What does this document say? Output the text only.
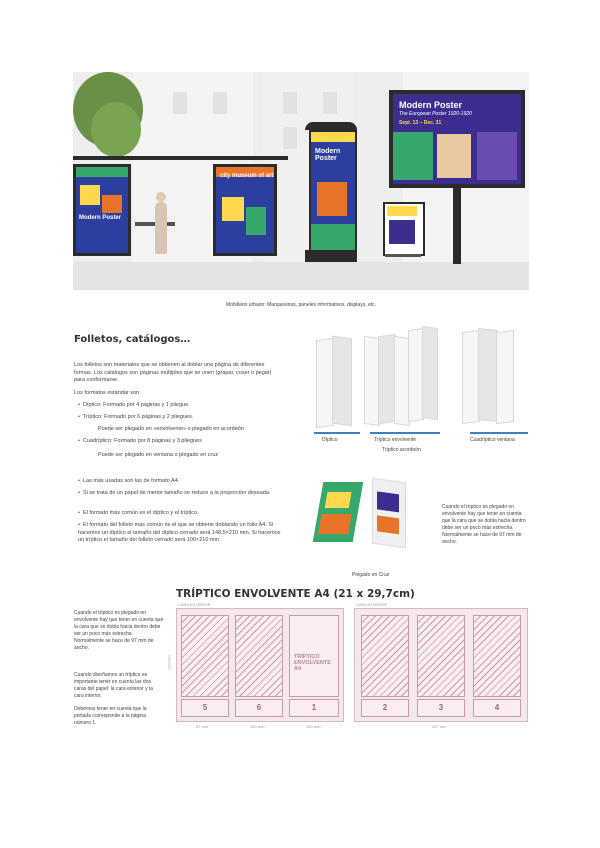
Modern Poster
city museum of art
Modern Poster
Modern Poster
The European Poster 1920-1920
Sept. 13 – Dec. 31
Mobiliario urbano: Marquesinas, paneles informativos, displays, etc.
Folletos, catálogos…
Los folletos son materiales que se obtienen al doblar una página de diferentes formas. Los catálogos son páginas múltiples que se unen (grapar, coser o pegar) para conformarse.
Los formatos estándar son:
•  Díptico: Formado por 4 páginas y 1 pliegue.
•  Tríptico: Formado por 6 páginas y 2 pliegues.
Puede ser plegado en «envolvente» o plegado en acordeón
•  Cuadríptico: Formado por 8 páginas y 3 pliegues
Puede ser plegado en ventana o plegado en cruz
•  Las más usadas son las de formato A4.
•  Si se trata de un papel de menor tamaño se reduce a la proporción deseada.
•  El formato más común es el díptico y el tríptico.
•  El formato del folleto más común es el que se obtiene doblando un folio A4. Si hacemos un díptico el tamaño del díptico cerrado será 148,5×210 mm. Si hacemos un tríptico el tamaño del folleto cerrado será 100×210 mm.
Díptico	Tríptico envolvente	Cuadríptico ventana
Tríptico acordeón
Plegado en Cruz
Cuando el tríptico es plegado en envolvente hay que tener en cuenta que la cara que se dobla hacia dentro debe ser un poco más estrecha. Normalmente se hace de 97 mm de ancho.
TRÍPTICO ENVOLVENTE A4 (21 x 29,7cm)
CARA EXTERIOR	CARA INTERIOR
TRÍPTICO ENVOLVENTE A4
5	6	1
97 mm	100 mm	100 mm
210 mm
2	3	4
297 mm
Cuando el tríptico es plegado en envolvente hay que tener en cuenta que la cara que se dobla hacia dentro debe ser un poco más estrecha. Normalmente se hace de 97 mm de ancho.
Cuando diseñamos un tríptico es importante tener en cuenta las dos caras del papel: la cara exterior y la cara interior.
Debemos tener en cuenta que la portada corresponde a la página número 1.
